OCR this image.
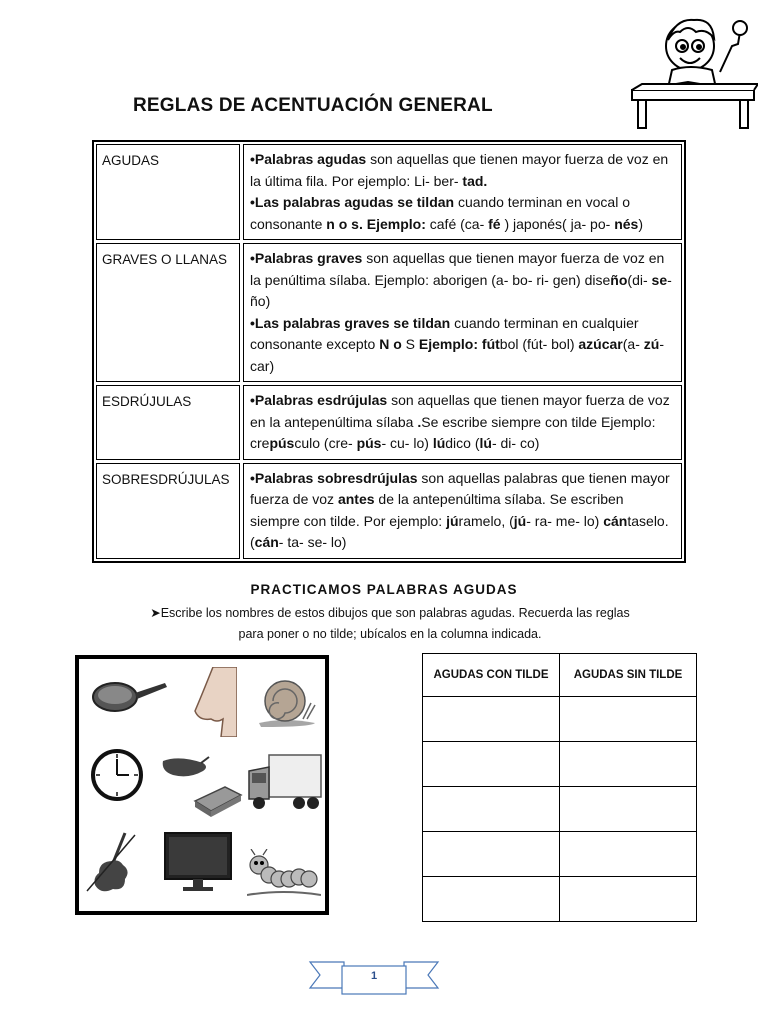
REGLAS DE ACENTUACIÓN GENERAL
AGUDAS	•Palabras agudas son aquellas que tienen mayor fuerza de voz en la última fila. Por ejemplo: Li- ber- tad.

•Las palabras agudas se tildan cuando terminan en vocal o consonante n o s. Ejemplo: café (ca- fé ) japonés( ja- po- nés)

GRAVES O LLANAS	•Palabras graves son aquellas que tienen mayor fuerza de voz en la penúltima sílaba. Ejemplo: aborigen (a- bo- ri- gen) diseño(di- se- ño)

•Las palabras graves se tildan cuando terminan en cualquier consonante excepto N o S Ejemplo: fútbol (fút- bol) azúcar(a- zú- car)

ESDRÚJULAS	•Palabras esdrújulas son aquellas que tienen mayor fuerza de voz en la antepenúltima sílaba .Se escribe siempre con tilde Ejemplo: crepúsculo (cre- pús- cu- lo) lúdico (lú- di- co)

SOBRESDRÚJULAS	•Palabras sobresdrújulas son aquellas palabras que tienen mayor fuerza de voz antes de la antepenúltima sílaba. Se escriben siempre con tilde. Por ejemplo: júramelo, (jú- ra- me- lo) cántaselo. (cán- ta- se- lo)

PRACTICAMOS PALABRAS AGUDAS
➤Escribe los nombres de estos dibujos que son palabras agudas. Recuerda las reglas
para poner o no tilde; ubícalos en la columna indicada.
AGUDAS CON TILDE	AGUDAS SIN TILDE

1
